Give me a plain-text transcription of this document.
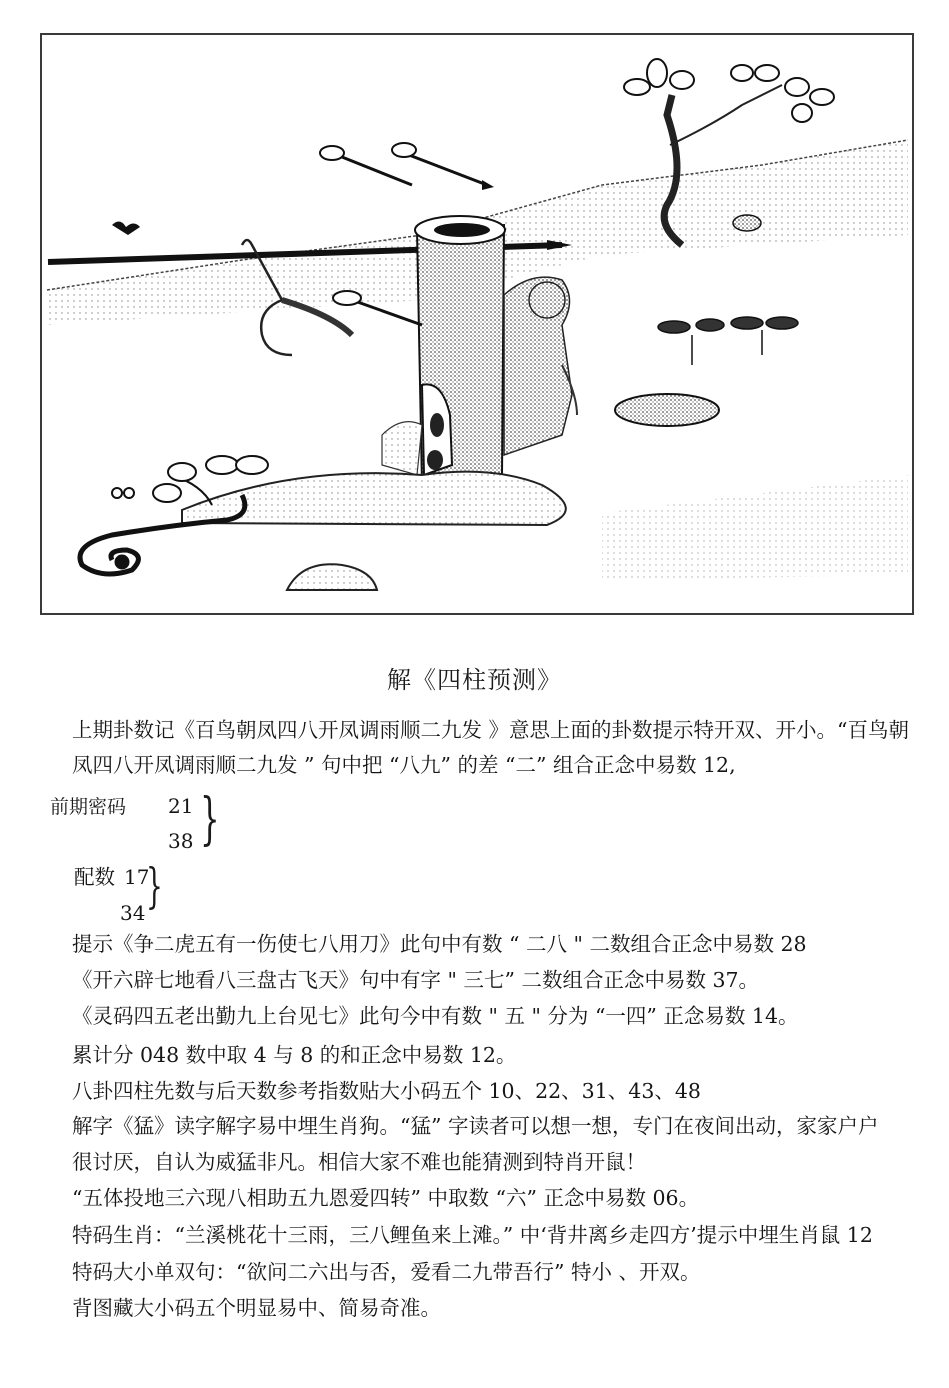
解《四柱预测》
上期卦数记《百鸟朝凤四八开凤调雨顺二九发 》意思上面的卦数提示特开双、开小。“百鸟朝
凤四八开凤调雨顺二九发 ” 句中把 “八九” 的差 “二” 组合正念中易数 12,
前期密码 21
38 }
配数 17
34 }
提示《争二虎五有一伤使七八用刀》此句中有数 “ 二八 " 二数组合正念中易数 28
《开六辟七地看八三盘古飞天》句中有字 " 三七” 二数组合正念中易数 37。
《灵码四五老出勤九上台见七》此句今中有数 " 五 " 分为 “一四” 正念易数 14。
累计分 048 数中取 4 与 8 的和正念中易数 12。
八卦四柱先数与后天数参考指数贴大小码五个 10、22、31、43、48
解字《猛》读字解字易中埋生肖狗。“猛” 字读者可以想一想，专门在夜间出动，家家户户
很讨厌，自认为威猛非凡。相信大家不难也能猜测到特肖开鼠！
“五体投地三六现八相助五九恩爱四转” 中取数 “六” 正念中易数 06。
特码生肖：“兰溪桃花十三雨，三八鲤鱼来上滩。” 中‘背井离乡走四方’提示中埋生肖鼠 12
特码大小单双句：“欲问二六出与否，爱看二九带吾行” 特小 、开双。
背图藏大小码五个明显易中、简易奇准。
